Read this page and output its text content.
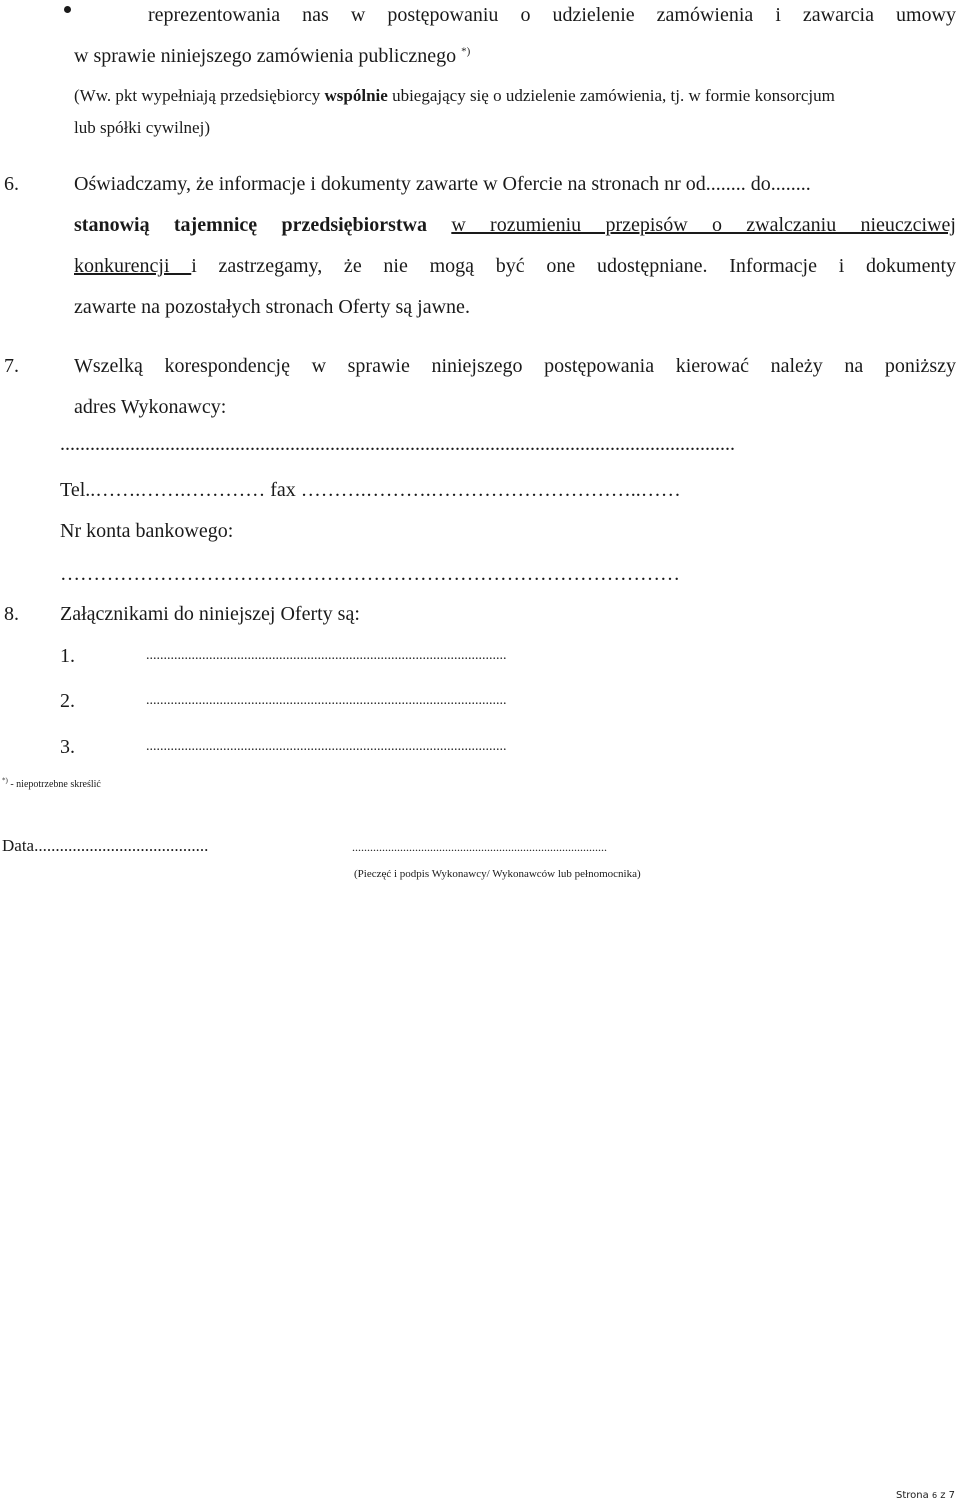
reprezentowania nas w postępowaniu o udzielenie zamówienia i zawarcia umowy
w sprawie niniejszego zamówienia publicznego *)
(Ww. pkt wypełniają przedsiębiorcy wspólnie ubiegający się o udzielenie zamówienia, tj. w formie konsorcjum
lub spółki cywilnej)
6.	Oświadczamy, że informacje i dokumenty zawarte w Ofercie na stronach nr od........ do........
stanowią tajemnicę przedsiębiorstwa w rozumieniu przepisów o zwalczaniu nieuczciwej
konkurencji i zastrzegamy, że nie mogą być one udostępniane. Informacje i dokumenty
zawarte na pozostałych stronach Oferty są jawne.
7.	Wszelką korespondencję w sprawie niniejszego postępowania kierować należy na poniższy
adres Wykonawcy:
.......................................................................................................................................
Tel..…….…….………… fax ……….……….…………………………..……
Nr konta bankowego:
…………………………………………………………………………………
8. Załącznikami do niniejszej Oferty są:
1.	.......................................................................................................
2.	.......................................................................................................
3.	.......................................................................................................
*) - niepotrzebne skreślić
Data.........................................	.....................................................................................
(Pieczęć i podpis Wykonawcy/ Wykonawców lub pełnomocnika)
Strona 6 z 7
